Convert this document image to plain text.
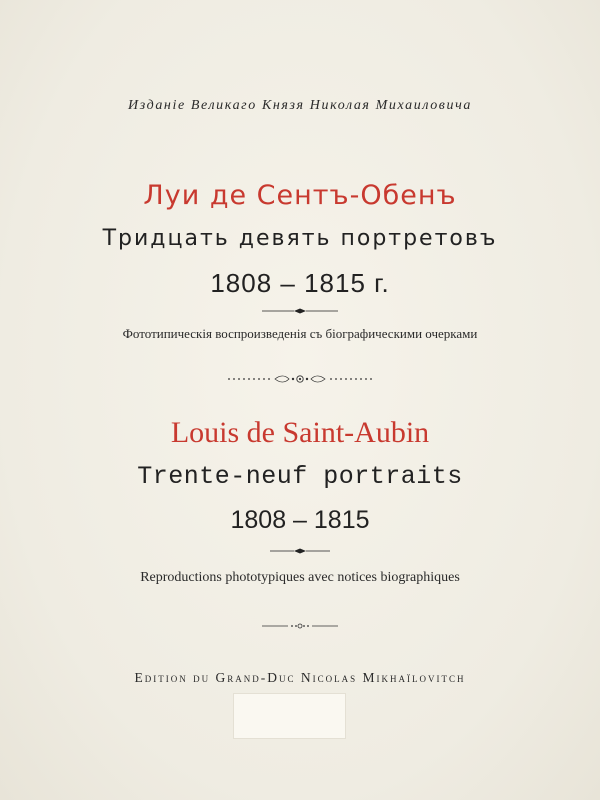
Изданiе Великаго Князя Николая Михаиловича
Луи де Сентъ-Обенъ
Тридцать девять портретовъ
1808 – 1815 г.
Фототипическiя воспроизведенiя съ бiографическими очерками
Louis de Saint-Aubin
Trente-neuf portraits
1808 – 1815
Reproductions phototypiques avec notices biographiques
Edition du Grand-Duc Nicolas Mikhaïlovitch
